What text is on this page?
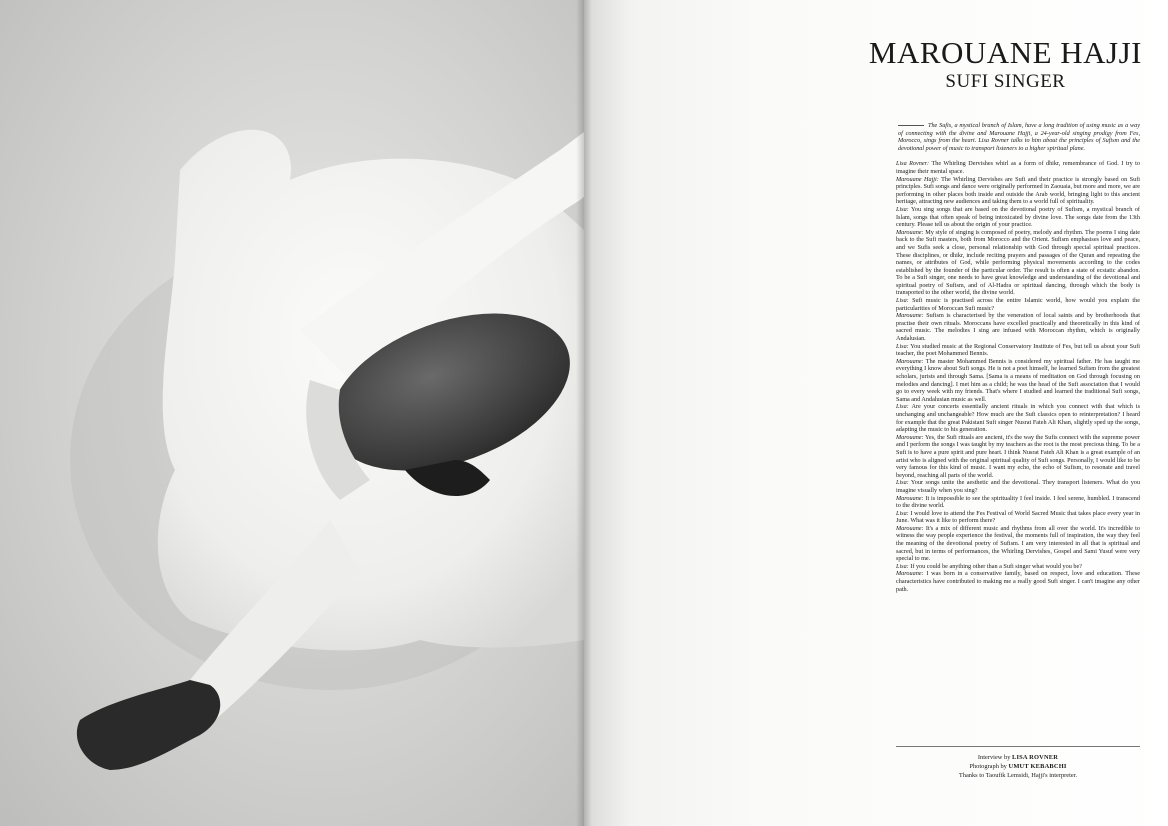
MAROUANE HAJJI

SUFI SINGER

The Sufis, a mystical branch of Islam, have a long tradition of using music as a way of connecting with the divine and Marouane Hajji, a 24-year-old singing prodigy from Fes, Morocco, sings from the heart. Lisa Rovner talks to him about the principles of Sufism and the devotional power of music to transport listeners to a higher spiritual plane.

Lisa Rovner: The Whirling Dervishes whirl as a form of dhikr, remembrance of God. I try to imagine their mental space.

Marouane Hajji: The Whirling Dervishes are Sufi and their practice is strongly based on Sufi principles. Sufi songs and dance were originally performed in Zaouaia, but more and more, we are performing in other places both inside and outside the Arab world, bringing light to this ancient heritage, attracting new audiences and taking them to a world full of spirituality.

Lisa: You sing songs that are based on the devotional poetry of Sufism, a mystical branch of Islam, songs that often speak of being intoxicated by divine love. The songs date from the 13th century. Please tell us about the origin of your practice.

Marouane: My style of singing is composed of poetry, melody and rhythm. The poems I sing date back to the Sufi masters, both from Morocco and the Orient. Sufism emphasises love and peace, and we Sufis seek a close, personal relationship with God through special spiritual practices. These disciplines, or dhikr, include reciting prayers and passages of the Quran and repeating the names, or attributes of God, while performing physical movements according to the codes established by the founder of the particular order. The result is often a state of ecstatic abandon. To be a Sufi singer, one needs to have great knowledge and understanding of the devotional and spiritual poetry of Sufism, and of Al-Hadra or spiritual dancing, through which the body is transported to the other world, the divine world.

Lisa: Sufi music is practised across the entire Islamic world, how would you explain the particularities of Moroccan Sufi music?

Marouane: Sufism is characterised by the veneration of local saints and by brotherhoods that practise their own rituals. Moroccans have excelled practically and theoretically in this kind of sacred music. The melodies I sing are infused with Moroccan rhythm, which is originally Andalusian.

Lisa: You studied music at the Regional Conservatory Institute of Fes, but tell us about your Sufi teacher, the poet Mohammed Bennis.

Marouane: The master Mohammed Bennis is considered my spiritual father. He has taught me everything I know about Sufi songs. He is not a poet himself, he learned Sufism from the greatest scholars, jurists and through Sama. [Sama is a means of meditation on God through focusing on melodies and dancing]. I met him as a child; he was the head of the Sufi association that I would go to every week with my friends. That's where I studied and learned the traditional Sufi songs, Sama and Andalusian music as well.

Lisa: Are your concerts essentially ancient rituals in which you connect with that which is unchanging and unchangeable? How much are the Sufi classics open to reinterpretation? I heard for example that the great Pakistani Sufi singer Nusrat Fateh Ali Khan, slightly sped up the songs, adapting the music to his generation.

Marouane: Yes, the Sufi rituals are ancient, it's the way the Sufis connect with the supreme power and I perform the songs I was taught by my teachers as the root is the most precious thing. To be a Sufi is to have a pure spirit and pure heart. I think Nusrat Fateh Ali Khan is a great example of an artist who is aligned with the original spiritual quality of Sufi songs. Personally, I would like to be very famous for this kind of music. I want my echo, the echo of Sufism, to resonate and travel beyond, reaching all parts of the world.

Lisa: Your songs unite the aesthetic and the devotional. They transport listeners. What do you imagine visually when you sing?

Marouane: It is impossible to see the spirituality I feel inside. I feel serene, humbled. I transcend to the divine world.

Lisa: I would love to attend the Fes Festival of World Sacred Music that takes place every year in June. What was it like to perform there?

Marouane: It's a mix of different music and rhythms from all over the world. It's incredible to witness the way people experience the festival, the moments full of inspiration, the way they feel the meaning of the devotional poetry of Sufism. I am very interested in all that is spiritual and sacred, but in terms of performances, the Whirling Dervishes, Gospel and Sami Yusuf were very special to me.

Lisa: If you could be anything other than a Sufi singer what would you be?

Marouane: I was born in a conservative family, based on respect, love and education. These characteristics have contributed to making me a really good Sufi singer. I can't imagine any other path.

Interview by LISA ROVNER
Photograph by UMUT KEBABCHI
Thanks to Taoufik Lemsidi, Hajji's interpreter.
